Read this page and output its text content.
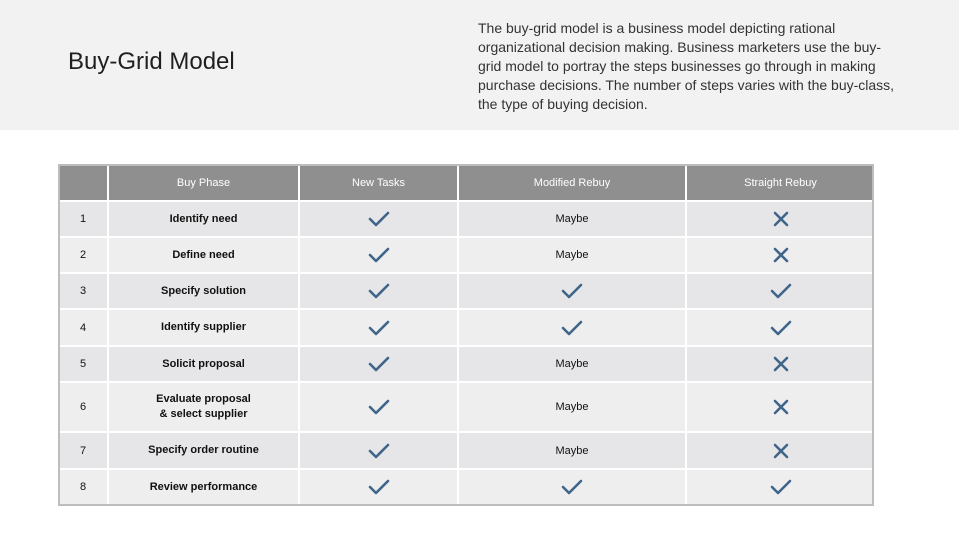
Buy-Grid Model
The buy-grid model is a business model depicting rational organizational decision making. Business marketers use the buy-grid model to portray the steps businesses go through in making purchase decisions. The number of steps varies with the buy-class, the type of buying decision.
	Buy Phase	New Tasks	Modified Rebuy	Straight Rebuy
1	Identify need		Maybe	

2	Define need		Maybe	

3	Specify solution

4	Identify supplier

5	Solicit proposal		Maybe	

6	Evaluate proposal
& select supplier		Maybe	

7	Specify order routine		Maybe	

8	Review performance
